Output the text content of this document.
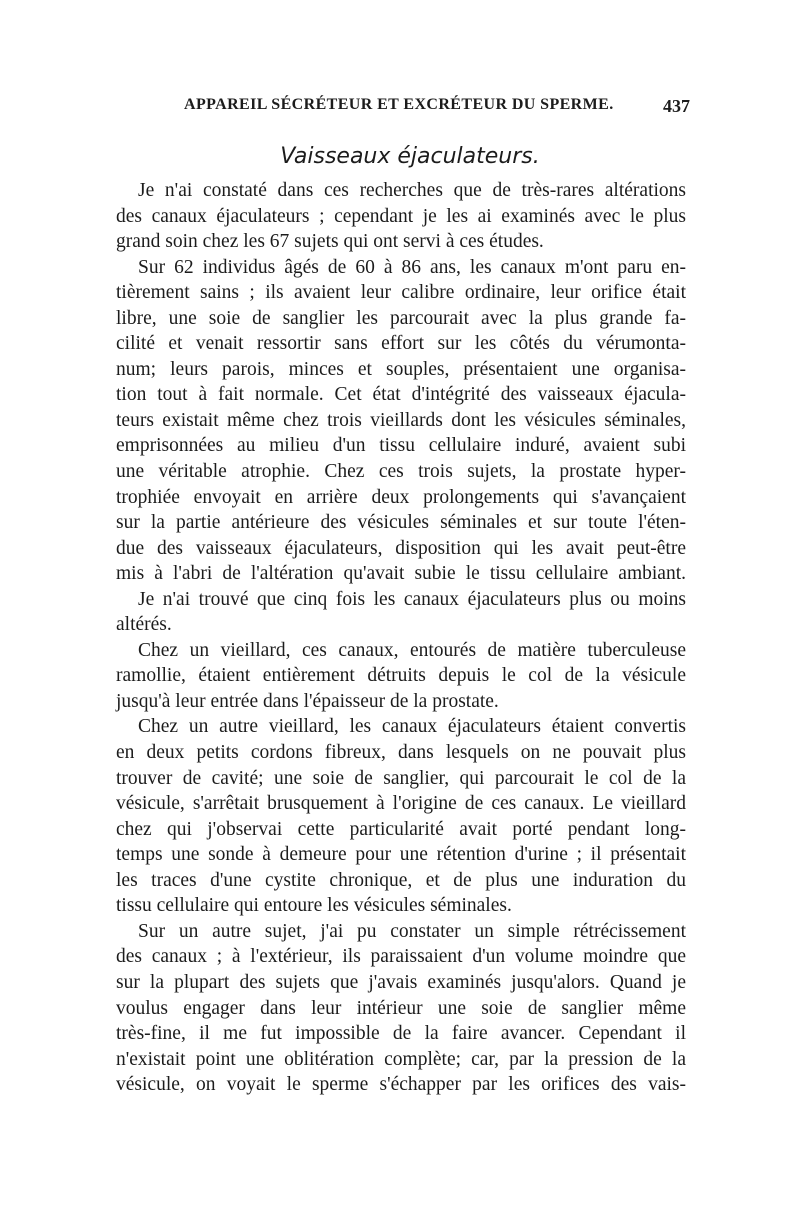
APPAREIL SÉCRÉTEUR ET EXCRÉTEUR DU SPERME.	437
Vaisseaux éjaculateurs.
Je n'ai constaté dans ces recherches que de très-rares altérations
des canaux éjaculateurs ; cependant je les ai examinés avec le plus
grand soin chez les 67 sujets qui ont servi à ces études.
Sur 62 individus âgés de 60 à 86 ans, les canaux m'ont paru en-
tièrement sains ; ils avaient leur calibre ordinaire, leur orifice était
libre, une soie de sanglier les parcourait avec la plus grande fa-
cilité et venait ressortir sans effort sur les côtés du vérumonta-
num; leurs parois, minces et souples, présentaient une organisa-
tion tout à fait normale. Cet état d'intégrité des vaisseaux éjacula-
teurs existait même chez trois vieillards dont les vésicules séminales,
emprisonnées au milieu d'un tissu cellulaire induré, avaient subi
une véritable atrophie. Chez ces trois sujets, la prostate hyper-
trophiée envoyait en arrière deux prolongements qui s'avançaient
sur la partie antérieure des vésicules séminales et sur toute l'éten-
due des vaisseaux éjaculateurs, disposition qui les avait peut-être
mis à l'abri de l'altération qu'avait subie le tissu cellulaire ambiant.
Je n'ai trouvé que cinq fois les canaux éjaculateurs plus ou moins
altérés.
Chez un vieillard, ces canaux, entourés de matière tuberculeuse
ramollie, étaient entièrement détruits depuis le col de la vésicule
jusqu'à leur entrée dans l'épaisseur de la prostate.
Chez un autre vieillard, les canaux éjaculateurs étaient convertis
en deux petits cordons fibreux, dans lesquels on ne pouvait plus
trouver de cavité; une soie de sanglier, qui parcourait le col de la
vésicule, s'arrêtait brusquement à l'origine de ces canaux. Le vieillard
chez qui j'observai cette particularité avait porté pendant long-
temps une sonde à demeure pour une rétention d'urine ; il présentait
les traces d'une cystite chronique, et de plus une induration du
tissu cellulaire qui entoure les vésicules séminales.
Sur un autre sujet, j'ai pu constater un simple rétrécissement
des canaux ; à l'extérieur, ils paraissaient d'un volume moindre que
sur la plupart des sujets que j'avais examinés jusqu'alors. Quand je
voulus engager dans leur intérieur une soie de sanglier même
très-fine, il me fut impossible de la faire avancer. Cependant il
n'existait point une oblitération complète; car, par la pression de la
vésicule, on voyait le sperme s'échapper par les orifices des vais-
